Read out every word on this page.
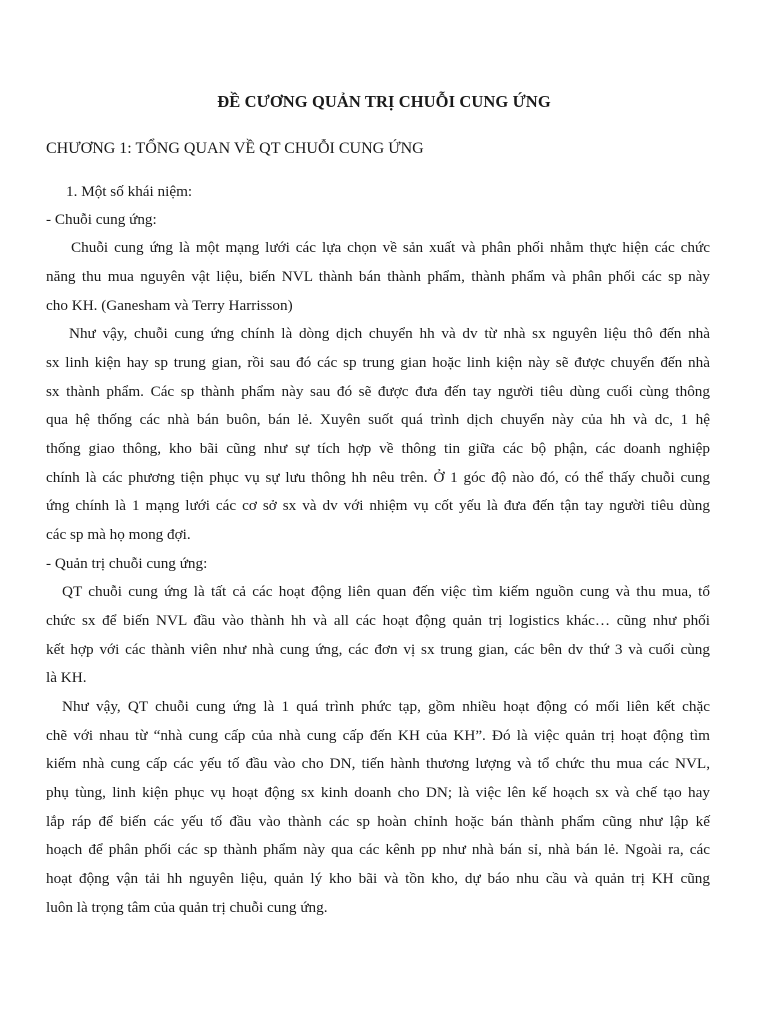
ĐỀ CƯƠNG QUẢN TRỊ CHUỖI CUNG ỨNG

CHƯƠNG 1: TỔNG QUAN VỀ QT CHUỖI CUNG ỨNG

1. Một số khái niệm:

- Chuỗi cung ứng:

Chuỗi cung ứng là một mạng lưới các lựa chọn về sản xuất và phân phối nhằm thực hiện các chức

năng thu mua nguyên vật liệu, biến NVL thành bán thành phẩm, thành phẩm và phân phối các sp này

cho KH. (Ganesham và Terry Harrisson)

Như vậy, chuỗi cung ứng chính là dòng dịch chuyển hh và dv từ nhà sx nguyên liệu thô đến nhà

sx linh kiện hay sp trung gian, rồi sau đó các sp trung gian hoặc linh kiện này sẽ được chuyển đến nhà

sx thành phẩm. Các sp thành phẩm này sau đó sẽ được đưa đến tay người tiêu dùng cuối cùng thông

qua hệ thống các nhà bán buôn, bán lẻ. Xuyên suốt quá trình dịch chuyển này của hh và dc, 1 hệ

thống giao thông, kho bãi cũng như sự tích hợp về thông tin giữa các bộ phận, các doanh nghiệp

chính là các phương tiện phục vụ sự lưu thông hh nêu trên. Ở 1 góc độ nào đó, có thể thấy chuỗi cung

ứng chính là 1 mạng lưới các cơ sở sx và dv với nhiệm vụ cốt yếu là đưa đến tận tay người tiêu dùng

các sp mà họ mong đợi.

- Quản trị chuỗi cung ứng:

QT chuỗi cung ứng là tất cả các hoạt động liên quan đến việc tìm kiếm nguồn cung và thu mua, tổ

chức sx để biến NVL đầu vào thành hh và all các hoạt động quản trị logistics khác… cũng như phối

kết hợp với các thành viên như nhà cung ứng, các đơn vị sx trung gian, các bên dv thứ 3 và cuối cùng

là KH.

Như vậy, QT chuỗi cung ứng là 1 quá trình phức tạp, gồm nhiều hoạt động có mối liên kết chặc

chẽ với nhau từ “nhà cung cấp của nhà cung cấp đến KH của KH”. Đó là việc quản trị hoạt động tìm

kiếm nhà cung cấp các yếu tố đầu vào cho DN, tiến hành thương lượng và tổ chức thu mua các NVL,

phụ tùng, linh kiện phục vụ hoạt động sx kinh doanh cho DN; là việc lên kế hoạch sx và chế tạo hay

lắp ráp để biến các yếu tố đầu vào thành các sp hoàn chỉnh hoặc bán thành phẩm cũng như lập kế

hoạch để phân phối các sp thành phẩm này qua các kênh pp như nhà bán sỉ, nhà bán lẻ. Ngoài ra, các

hoạt động vận tải hh nguyên liệu, quản lý kho bãi và tồn kho, dự báo nhu cầu và quản trị KH cũng

luôn là trọng tâm của quản trị chuỗi cung ứng.
